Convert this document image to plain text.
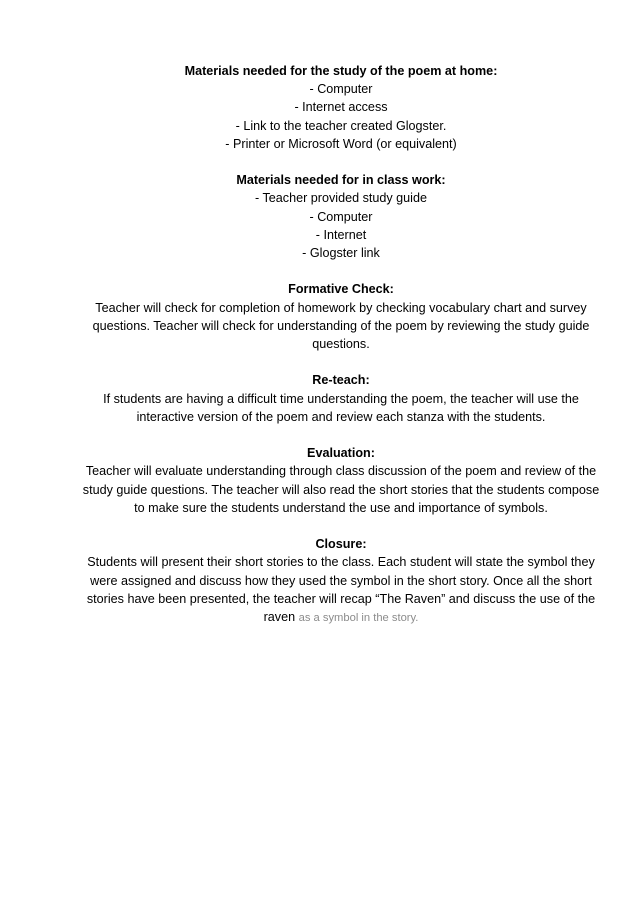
Materials needed for the study of the poem at home:
- Computer
- Internet access
- Link to the teacher created Glogster.
- Printer or Microsoft Word (or equivalent)
Materials needed for in class work:
- Teacher provided study guide
- Computer
- Internet
- Glogster link
Formative Check:
Teacher will check for completion of homework by checking vocabulary chart and survey questions. Teacher will check for understanding of the poem by reviewing the study guide questions.
Re-teach:
If students are having a difficult time understanding the poem, the teacher will use the interactive version of the poem and review each stanza with the students.
Evaluation:
Teacher will evaluate understanding through class discussion of the poem and review of the study guide questions. The teacher will also read the short stories that the students compose to make sure the students understand the use and importance of symbols.
Closure:
Students will present their short stories to the class. Each student will state the symbol they were assigned and discuss how they used the symbol in the short story. Once all the short stories have been presented, the teacher will recap “The Raven” and discuss the use of the raven as a symbol in the story.
